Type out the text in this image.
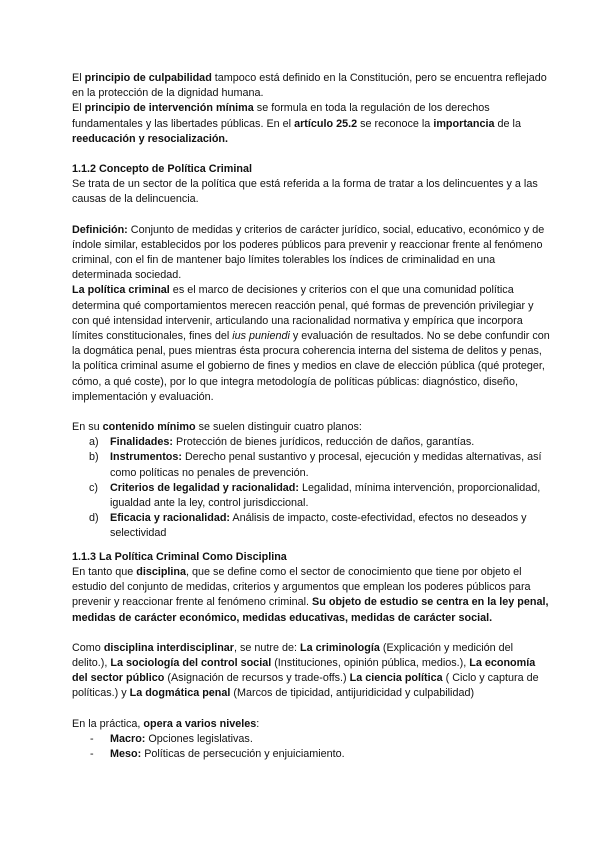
El principio de culpabilidad tampoco está definido en la Constitución, pero se encuentra reflejado en la protección de la dignidad humana.

El principio de intervención mínima se formula en toda la regulación de los derechos fundamentales y las libertades públicas. En el artículo 25.2 se reconoce la importancia de la reeducación y resocialización.

1.1.2 Concepto de Política Criminal

Se trata de un sector de la política que está referida a la forma de tratar a los delincuentes y a las causas de la delincuencia.

Definición: Conjunto de medidas y criterios de carácter jurídico, social, educativo, económico y de índole similar, establecidos por los poderes públicos para prevenir y reaccionar frente al fenómeno criminal, con el fin de mantener bajo límites tolerables los índices de criminalidad en una determinada sociedad.

La política criminal es el marco de decisiones y criterios con el que una comunidad política determina qué comportamientos merecen reacción penal, qué formas de prevención privilegiar y con qué intensidad intervenir, articulando una racionalidad normativa y empírica que incorpora límites constitucionales, fines del ius puniendi y evaluación de resultados. No se debe confundir con la dogmática penal, pues mientras ésta procura coherencia interna del sistema de delitos y penas, la política criminal asume el gobierno de fines y medios en clave de elección pública (qué proteger, cómo, a qué coste), por lo que integra metodología de políticas públicas: diagnóstico, diseño, implementación y evaluación.

En su contenido mínimo se suelen distinguir cuatro planos:

a) Finalidades: Protección de bienes jurídicos, reducción de daños, garantías.
b) Instrumentos: Derecho penal sustantivo y procesal, ejecución y medidas alternativas, así como políticas no penales de prevención.
c) Criterios de legalidad y racionalidad: Legalidad, mínima intervención, proporcionalidad, igualdad ante la ley, control jurisdiccional.
d) Eficacia y racionalidad: Análisis de impacto, coste-efectividad, efectos no deseados y selectividad
1.1.3 La Política Criminal Como Disciplina

En tanto que disciplina, que se define como el sector de conocimiento que tiene por objeto el estudio del conjunto de medidas, criterios y argumentos que emplean los poderes públicos para prevenir y reaccionar frente al fenómeno criminal. Su objeto de estudio se centra en la ley penal, medidas de carácter económico, medidas educativas, medidas de carácter social.

Como disciplina interdisciplinar, se nutre de: La criminología (Explicación y medición del delito.), La sociología del control social (Instituciones, opinión pública, medios.), La economía del sector público (Asignación de recursos y trade-offs.) La ciencia política ( Ciclo y captura de políticas.) y La dogmática penal (Marcos de tipicidad, antijuridicidad y culpabilidad)

En la práctica, opera a varios niveles:

- Macro: Opciones legislativas.
- Meso: Políticas de persecución y enjuiciamiento.
